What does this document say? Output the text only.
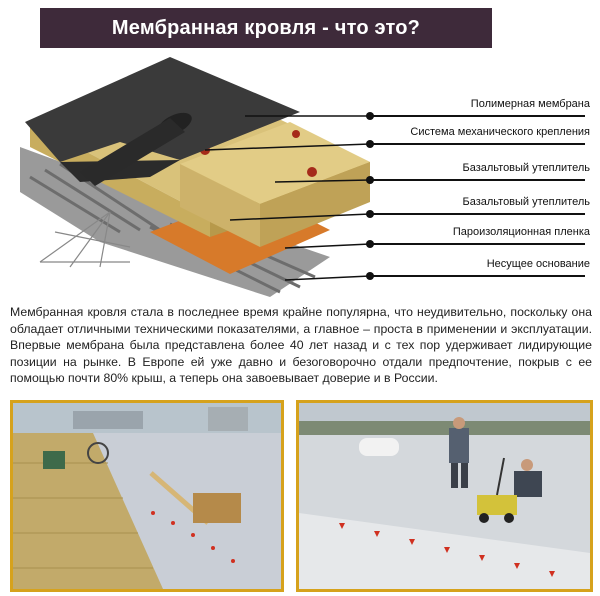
Мембранная кровля - что это?
Полимерная мембрана
Система механического крепления
Базальтовый утеплитель
Базальтовый утеплитель
Пароизоляционная пленка
Несущее основание
Мембранная кровля стала в последнее время крайне популярна, что неудивительно, поскольку она обладает отличными техническими показателями, а главное – проста в применении и эксплуатации. Впервые мембрана была представлена более 40 лет назад и с тех пор удерживает лидирующие позиции на рынке. В Европе ей уже давно и безоговорочно отдали предпочтение, покрыв с ее помощью почти 80% крыш, а теперь она завоевывает доверие и в России.
